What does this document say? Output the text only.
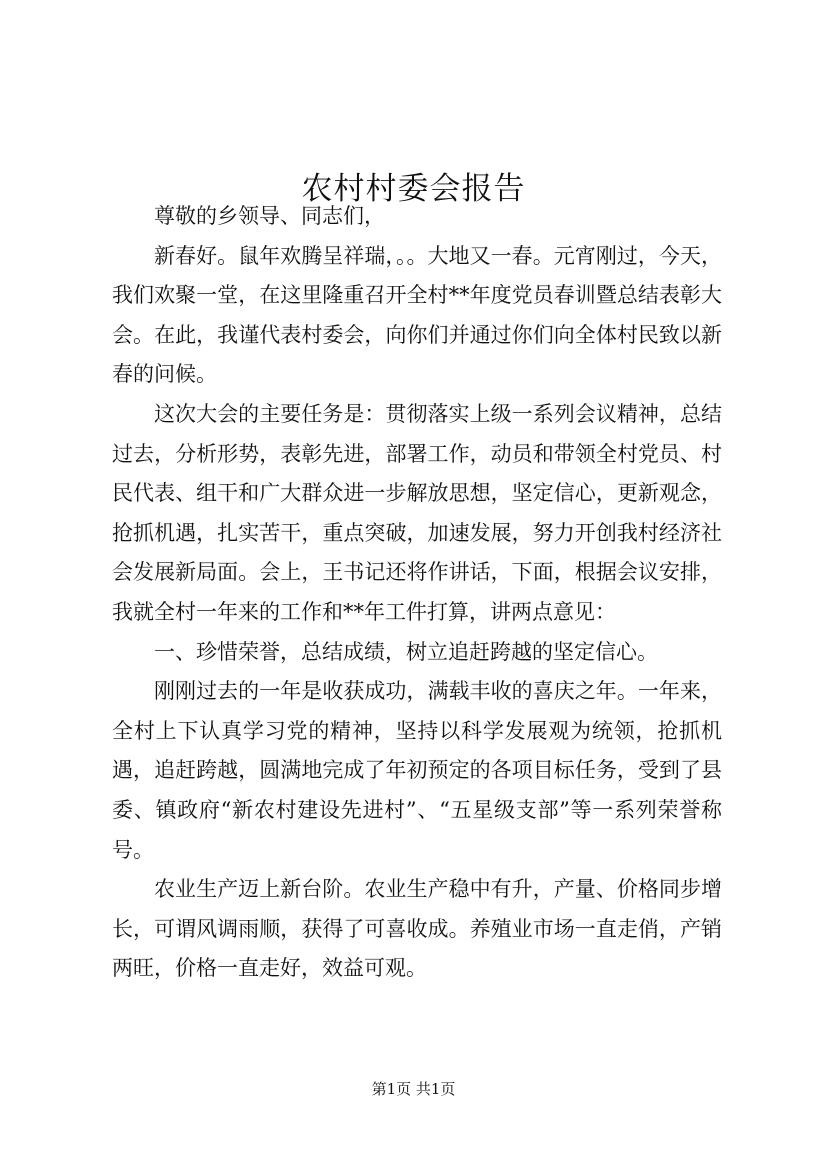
农村村委会报告

尊敬的乡领导、同志们，

新春好。鼠年欢腾呈祥瑞，。。大地又一春。元宵刚过，今天，我们欢聚一堂，在这里隆重召开全村**年度党员春训暨总结表彰大会。在此，我谨代表村委会，向你们并通过你们向全体村民致以新春的问候。

这次大会的主要任务是：贯彻落实上级一系列会议精神，总结过去，分析形势，表彰先进，部署工作，动员和带领全村党员、村民代表、组干和广大群众进一步解放思想，坚定信心，更新观念，抢抓机遇，扎实苦干，重点突破，加速发展，努力开创我村经济社会发展新局面。会上，王书记还将作讲话，下面，根据会议安排，我就全村一年来的工作和**年工件打算，讲两点意见：

一、珍惜荣誉，总结成绩，树立追赶跨越的坚定信心。

刚刚过去的一年是收获成功，满载丰收的喜庆之年。一年来，全村上下认真学习党的精神，坚持以科学发展观为统领，抢抓机遇，追赶跨越，圆满地完成了年初预定的各项目标任务，受到了县委、镇政府“新农村建设先进村”、“五星级支部”等一系列荣誉称号。

农业生产迈上新台阶。农业生产稳中有升，产量、价格同步增长，可谓风调雨顺，获得了可喜收成。养殖业市场一直走俏，产销两旺，价格一直走好，效益可观。

第1页 共1页
